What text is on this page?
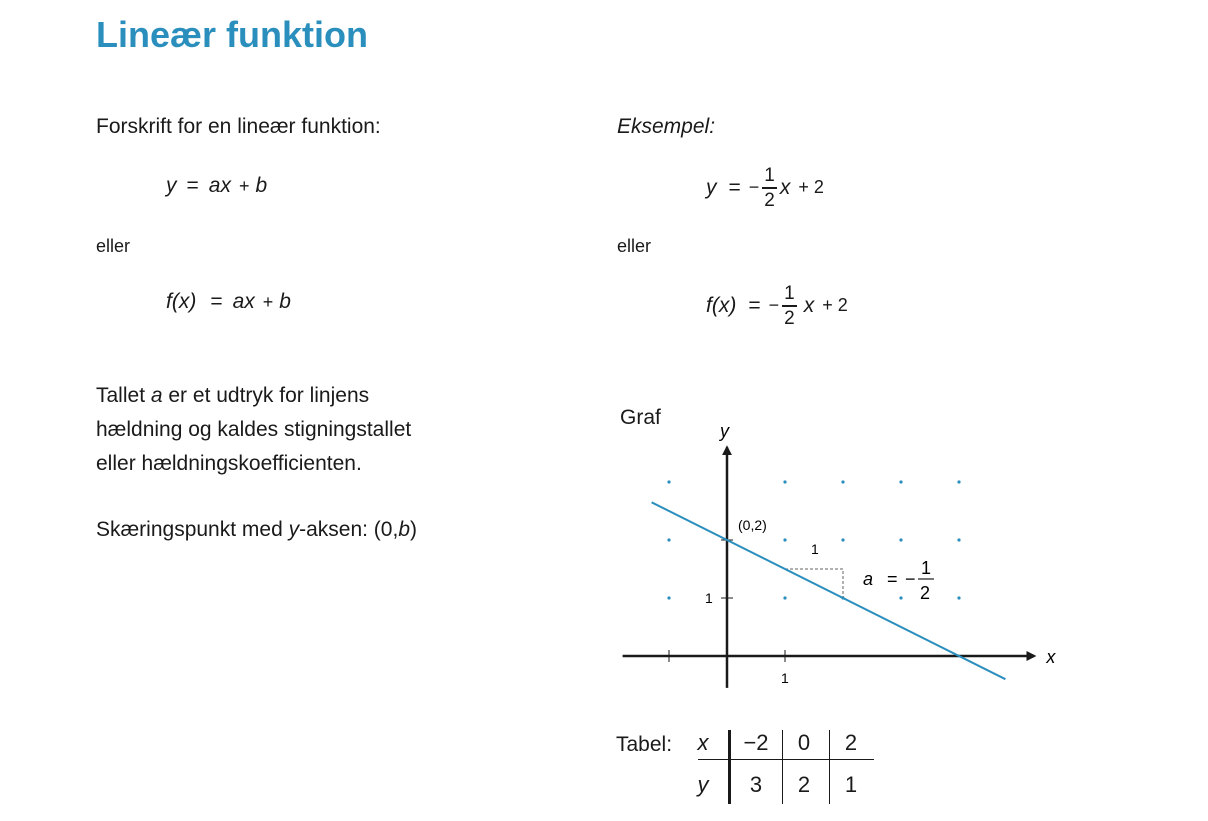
Lineær funktion
Forskrift for en lineær funktion:
y = ax + b
eller
f(x) = ax + b
Tallet a er et udtryk for linjens
hældning og kaldes stigningstallet
eller hældningskoefficienten.
Skæringspunkt med y-aksen: (0,b)
Eksempel:
y = − $\frac{1}{2}$ x + 2
eller
f(x) = − $\frac{1}{2}$ x + 2
Graf
x
y
1
1
(0,2)
1
a = −
1
2
Tabel:	x	−2	0	2
y	3	2	1
